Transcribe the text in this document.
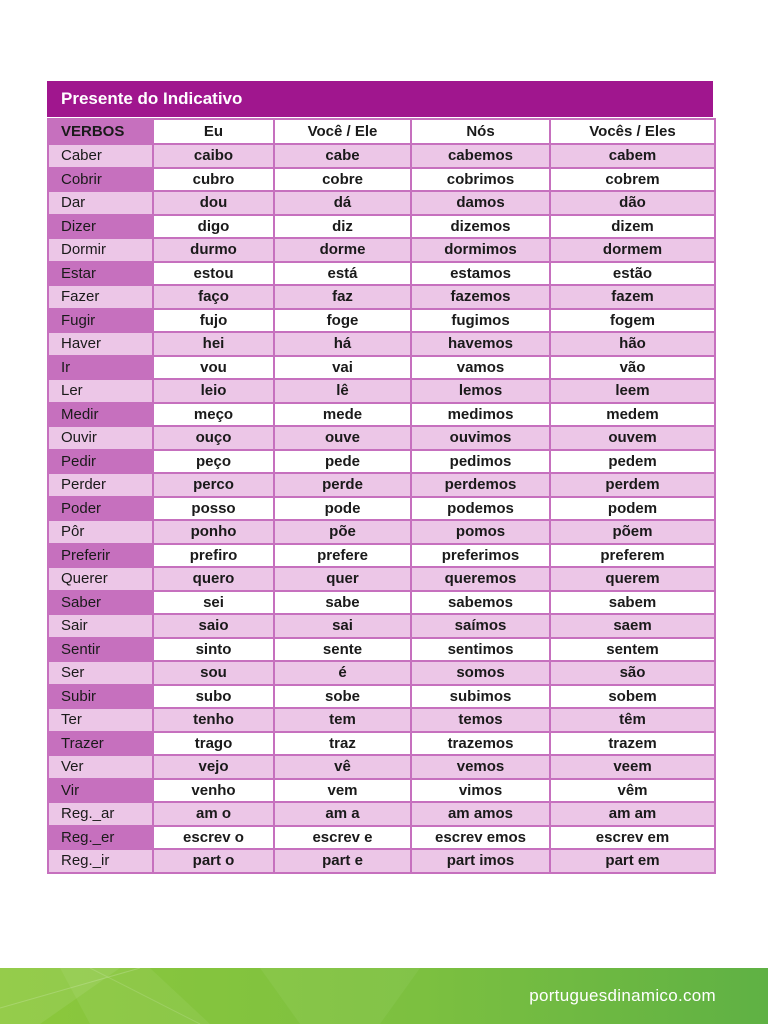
Presente do Indicativo
VERBOS	Eu	Você / Ele	Nós	Vocês / Eles
Caber	caibo	cabe	cabemos	cabem
Cobrir	cubro	cobre	cobrimos	cobrem
Dar	dou	dá	damos	dão
Dizer	digo	diz	dizemos	dizem
Dormir	durmo	dorme	dormimos	dormem
Estar	estou	está	estamos	estão
Fazer	faço	faz	fazemos	fazem
Fugir	fujo	foge	fugimos	fogem
Haver	hei	há	havemos	hão
Ir	vou	vai	vamos	vão
Ler	leio	lê	lemos	leem
Medir	meço	mede	medimos	medem
Ouvir	ouço	ouve	ouvimos	ouvem
Pedir	peço	pede	pedimos	pedem
Perder	perco	perde	perdemos	perdem
Poder	posso	pode	podemos	podem
Pôr	ponho	põe	pomos	põem
Preferir	prefiro	prefere	preferimos	preferem
Querer	quero	quer	queremos	querem
Saber	sei	sabe	sabemos	sabem
Sair	saio	sai	saímos	saem
Sentir	sinto	sente	sentimos	sentem
Ser	sou	é	somos	são
Subir	subo	sobe	subimos	sobem
Ter	tenho	tem	temos	têm
Trazer	trago	traz	trazemos	trazem
Ver	vejo	vê	vemos	veem
Vir	venho	vem	vimos	vêm
Reg._ar	am o	am a	am amos	am am
Reg._er	escrev o	escrev e	escrev emos	escrev em
Reg._ir	part o	part e	part imos	part em
portuguesdinamico.com
